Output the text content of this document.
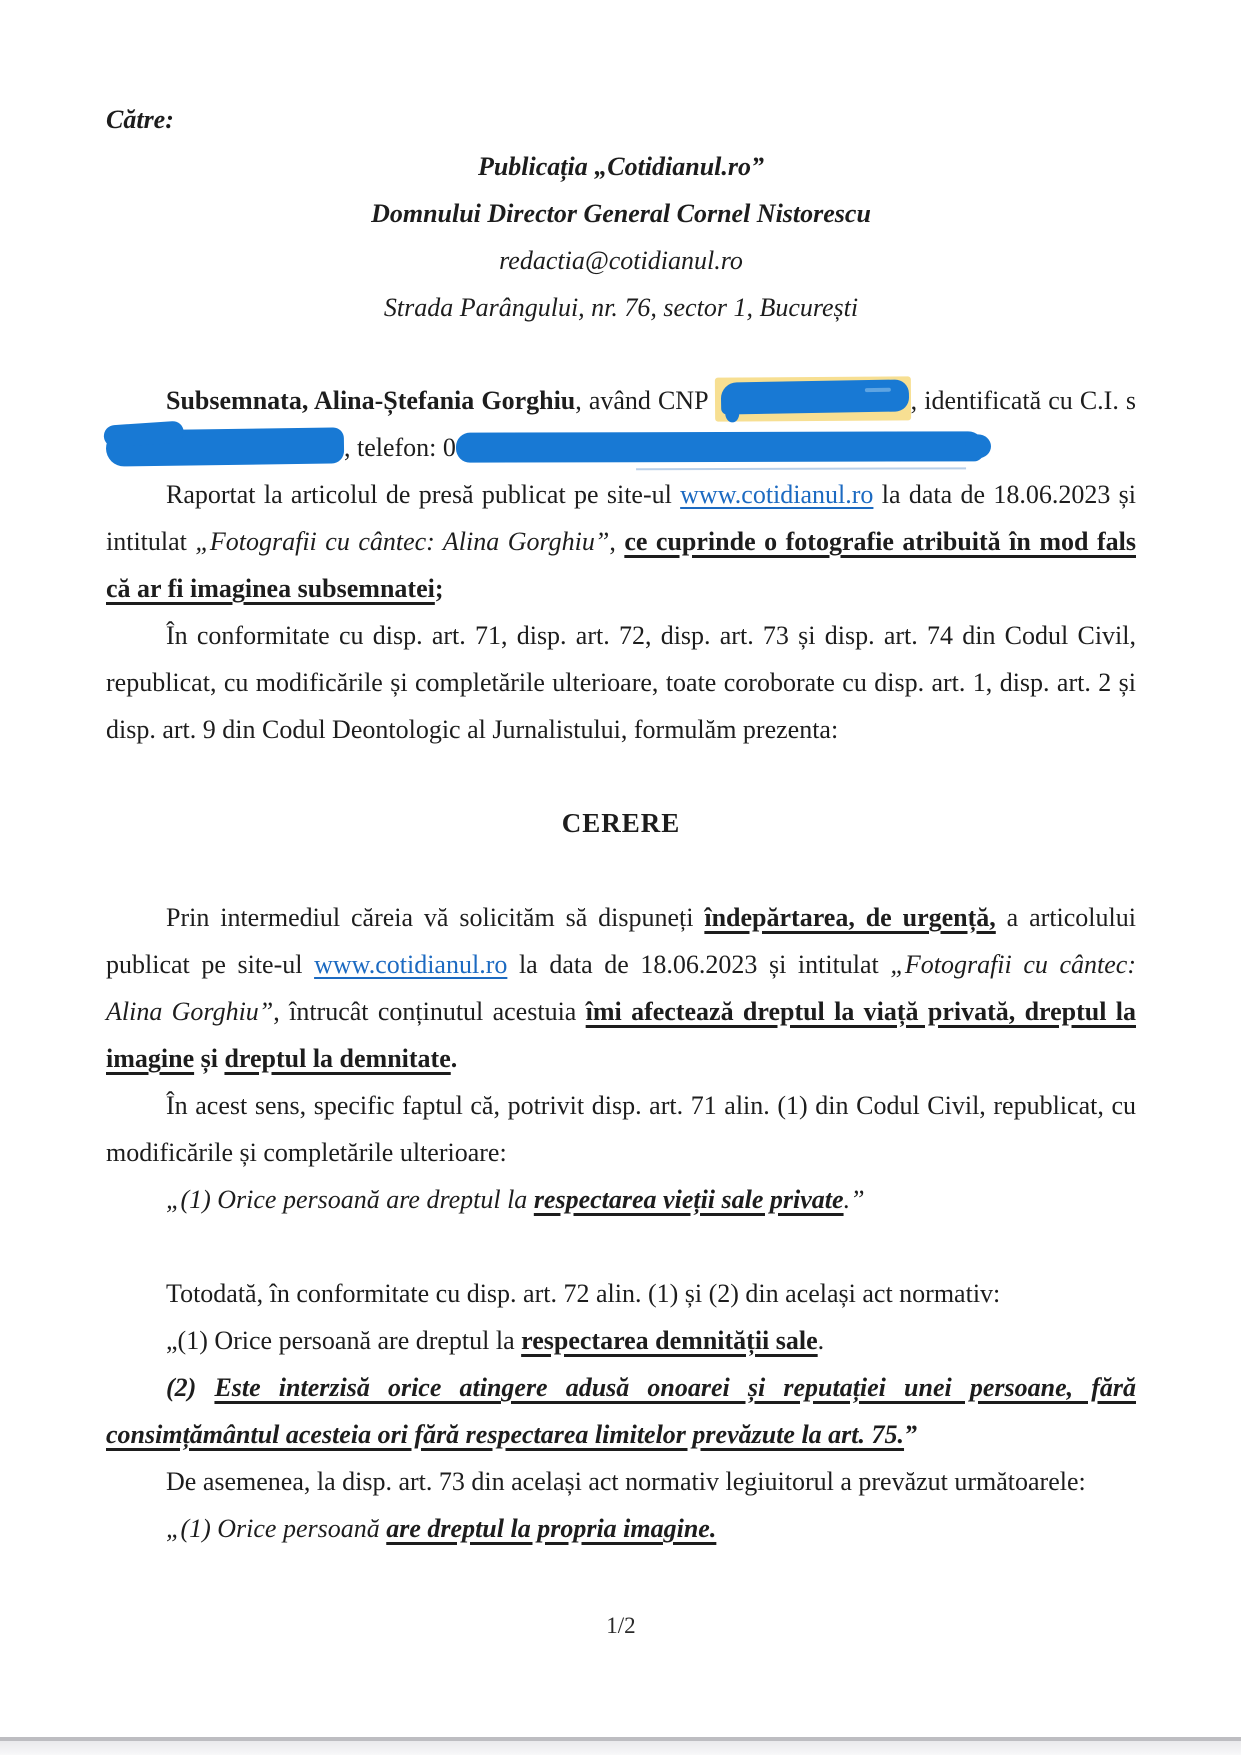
Către:

Publicația „Cotidianul.ro”

Domnului Director General Cornel Nistorescu

redactia@cotidianul.ro

Strada Parângului, nr. 76, sector 1, București

Subsemnata, Alina-Ștefania Gorghiu, având CNP	, identificată cu C.I. s, telefon: 0

Raportat la articolul de presă publicat pe site-ul www.cotidianul.ro la data de 18.06.2023 și intitulat „Fotografii cu cântec: Alina Gorghiu”, ce cuprinde o fotografie atribuită în mod fals că ar fi imaginea subsemnatei;

În conformitate cu disp. art. 71, disp. art. 72, disp. art. 73 și disp. art. 74 din Codul Civil, republicat, cu modificările și completările ulterioare, toate coroborate cu disp. art. 1, disp. art. 2 și disp. art. 9 din Codul Deontologic al Jurnalistului, formulăm prezenta:

CERERE

Prin intermediul căreia vă solicităm să dispuneți îndepărtarea, de urgență, a articolului publicat pe site-ul www.cotidianul.ro la data de 18.06.2023 și intitulat „Fotografii cu cântec: Alina Gorghiu”, întrucât conținutul acestuia îmi afectează dreptul la viață privată, dreptul la imagine și dreptul la demnitate.

În acest sens, specific faptul că, potrivit disp. art. 71 alin. (1) din Codul Civil, republicat, cu modificările și completările ulterioare:

„(1) Orice persoană are dreptul la respectarea vieții sale private.”

Totodată, în conformitate cu disp. art. 72 alin. (1) și (2) din același act normativ:

„(1) Orice persoană are dreptul la respectarea demnității sale.

(2) Este interzisă orice atingere adusă onoarei și reputației unei persoane, fără consimțământul acesteia ori fără respectarea limitelor prevăzute la art. 75.”

De asemenea, la disp. art. 73 din același act normativ legiuitorul a prevăzut următoarele:

„(1) Orice persoană are dreptul la propria imagine.

1/2
